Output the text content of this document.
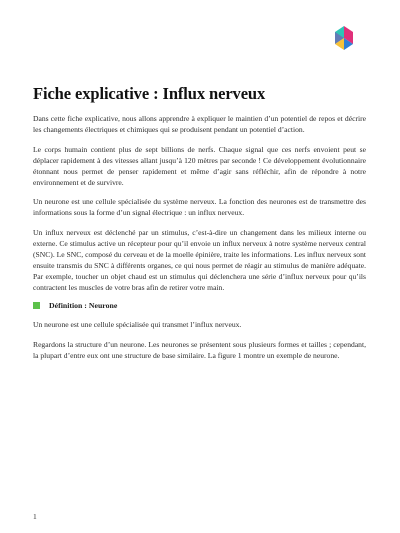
Fiche explicative : Influx nerveux

Dans cette fiche explicative, nous allons apprendre à expliquer le maintien d’un potentiel de repos et décrire les changements électriques et chimiques qui se produisent pendant un potentiel d’action.

Le corps humain contient plus de sept billions de nerfs. Chaque signal que ces nerfs envoient peut se déplacer rapidement à des vitesses allant jusqu’à 120 mètres par seconde ! Ce développement évolutionnaire étonnant nous permet de penser rapidement et même d’agir sans réfléchir, afin de répondre à notre environnement et de survivre.

Un neurone est une cellule spécialisée du système nerveux. La fonction des neurones est de transmettre des informations sous la forme d’un signal électrique : un influx nerveux.

Un influx nerveux est déclenché par un stimulus, c’est-à-dire un changement dans les milieux interne ou externe. Ce stimulus active un récepteur pour qu’il envoie un influx nerveux à notre système nerveux central (SNC). Le SNC, composé du cerveau et de la moelle épinière, traite les informations. Les influx nerveux sont ensuite transmis du SNC à différents organes, ce qui nous permet de réagir au stimulus de manière adéquate. Par exemple, toucher un objet chaud est un stimulus qui déclenchera une série d’influx nerveux pour qu’ils contractent les muscles de votre bras afin de retirer votre main.

Définition : Neurone

Un neurone est une cellule spécialisée qui transmet l’influx nerveux.

Regardons la structure d’un neurone. Les neurones se présentent sous plusieurs formes et tailles ; cependant, la plupart d’entre eux ont une structure de base similaire. La figure 1 montre un exemple de neurone.

1
